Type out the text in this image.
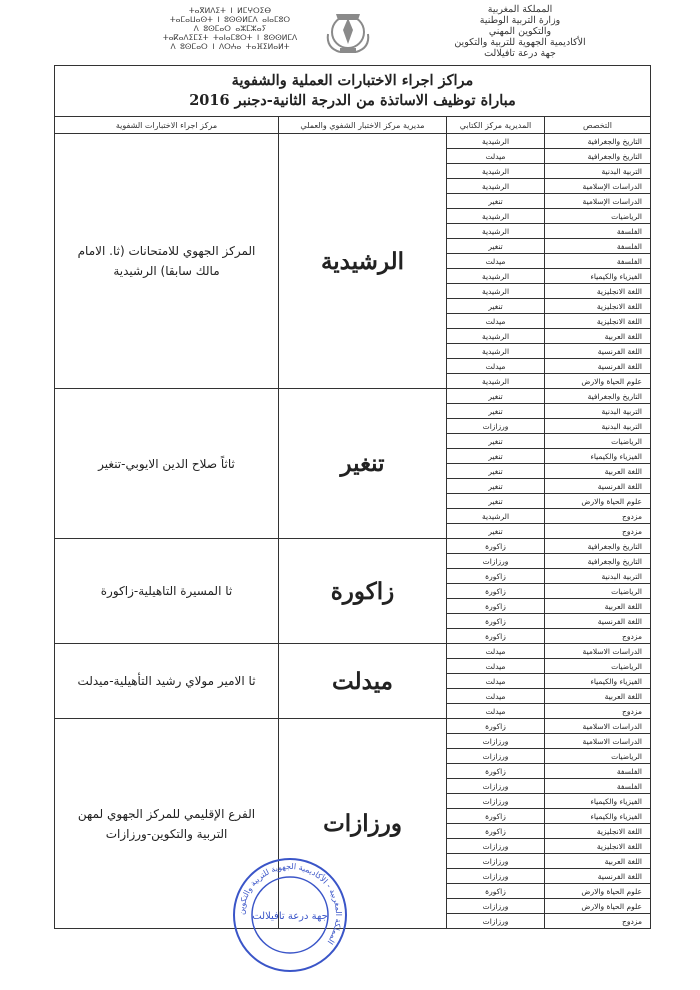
المملكة المغربية
وزارة التربية الوطنية
والتكوين المهني
الأكاديمية الجهوية للتربية والتكوين
جهة درعة تافيلالت
ⵜⴰⴳⵍⴷⵉⵜ ⵏ ⵍⵎⵖⵔⵉⴱ
ⵜⴰⵎⴰⵡⴰⵙⵜ ⵏ ⵓⵙⵙⵍⵎⴷ ⴰⵏⴰⵎⵓⵔ
ⴷ ⵓⵙⵎⴰⵔ ⴰⵣⵎⵣⴰⵢ
ⵜⴰⴽⴰⴷⵉⵎⵉⵜ ⵜⴰⵏⴰⵎⵓⵔⵜ ⵏ ⵓⵙⵙⵍⵎⴷ
ⴷ ⵓⵙⵎⴰⵔ ⵏ ⴷⵔⵄⴰ ⵜⴰⴼⵉⵍⴰⵍⵜ
مراكز اجراء الاختبارات العملية والشفوية
مباراة توظيف الاساتذة من الدرجة الثانية-دجنبر 2016			

مركز اجراء الاختبارات الشفوية	مديرية مركز الاختبار الشفوي والعملي	المديرية مركز الكتابي	التخصص
المركز الجهوي للامتحانات (ثا. الامام مالك سابقا) الرشيدية	الرشيدية	الرشيدية	التاريخ والجغرافية
		ميدلت	التاريخ والجغرافية
		الرشيدية	التربية البدنية
		الرشيدية	الدراسات الإسلامية
		تنغير	الدراسات الإسلامية
		الرشيدية	الرياضيات
		الرشيدية	الفلسفة
		تنغير	الفلسفة
		ميدلت	الفلسفة
		الرشيدية	الفيزياء والكيمياء
		الرشيدية	اللغة الانجليزية
		تنغير	اللغة الانجليزية
		ميدلت	اللغة الانجليزية
		الرشيدية	اللغة العربية
		الرشيدية	اللغة الفرنسية
		ميدلت	اللغة الفرنسية
		الرشيدية	علوم الحياة والارض
ثاثاً صلاح الدين الايوبي-تنغير	تنغير	تنغير	التاريخ والجغرافية
		تنغير	التربية البدنية
		ورزازات	التربية البدنية
		تنغير	الرياضيات
		تنغير	الفيزياء والكيمياء
		تنغير	اللغة العربية
		تنغير	اللغة الفرنسية
		تنغير	علوم الحياة والارض
		الرشيدية	مزدوج
		تنغير	مزدوج
ثا المسيرة التاهيلية-زاكورة	زاكورة	زاكورة	التاريخ والجغرافية
		ورزازات	التاريخ والجغرافية
		زاكورة	التربية البدنية
		زاكورة	الرياضيات
		زاكورة	اللغة العربية
		زاكورة	اللغة الفرنسية
		زاكورة	مزدوج
ثا الامير مولاي رشيد التأهيلية-ميدلت	ميدلت	ميدلت	الدراسات الاسلامية
		ميدلت	الرياضيات
		ميدلت	الفيزياء والكيمياء
		ميدلت	اللغة العربية
		ميدلت	مزدوج
الفرع الإقليمي للمركز الجهوي لمهن التربية والتكوين-ورزازات	ورزازات	زاكورة	الدراسات الاسلامية
		ورزازات	الدراسات الاسلامية
		ورزازات	الرياضيات
		زاكورة	الفلسفة
		ورزازات	الفلسفة
		ورزازات	الفيزياء والكيمياء
		زاكورة	الفيزياء والكيمياء
		زاكورة	اللغة الانجليزية
		ورزازات	اللغة الانجليزية
		ورزازات	اللغة العربية
		ورزازات	اللغة الفرنسية
		زاكورة	علوم الحياة والارض
		ورزازات	علوم الحياة والارض
		ورزازات	مزدوج
المملكة المغربية - الأكاديمية الجهوية للتربية والتكوين
جهة درعة تافيلالت
